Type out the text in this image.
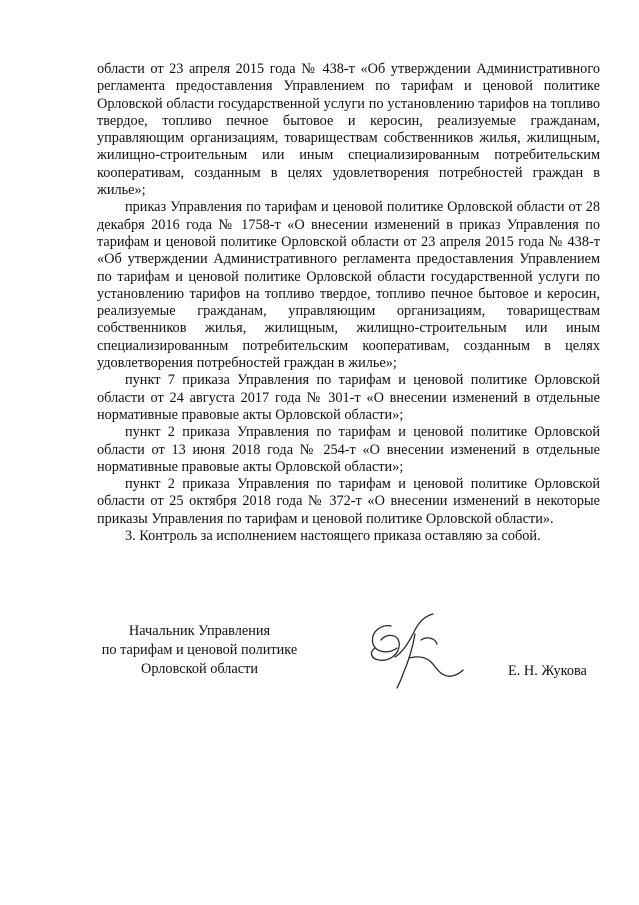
области от 23 апреля 2015 года № 438-т «Об утверждении Административного регламента предоставления Управлением по тарифам и ценовой политике Орловской области государственной услуги по установлению тарифов на топливо твердое, топливо печное бытовое и керосин, реализуемые гражданам, управляющим организациям, товариществам собственников жилья, жилищным, жилищно-строительным или иным специализированным потребительским кооперативам, созданным в целях удовлетворения потребностей граждан в жилье»;

приказ Управления по тарифам и ценовой политике Орловской области от 28 декабря 2016 года № 1758-т «О внесении изменений в приказ Управления по тарифам и ценовой политике Орловской области от 23 апреля 2015 года № 438-т «Об утверждении Административного регламента предоставления Управлением по тарифам и ценовой политике Орловской области государственной услуги по установлению тарифов на топливо твердое, топливо печное бытовое и керосин, реализуемые гражданам, управляющим организациям, товариществам собственников жилья, жилищным, жилищно-строительным или иным специализированным потребительским кооперативам, созданным в целях удовлетворения потребностей граждан в жилье»;

пункт 7 приказа Управления по тарифам и ценовой политике Орловской области от 24 августа 2017 года № 301-т «О внесении изменений в отдельные нормативные правовые акты Орловской области»;

пункт 2 приказа Управления по тарифам и ценовой политике Орловской области от 13 июня 2018 года № 254-т «О внесении изменений в отдельные нормативные правовые акты Орловской области»;

пункт 2 приказа Управления по тарифам и ценовой политике Орловской области от 25 октября 2018 года № 372-т «О внесении изменений в некоторые приказы Управления по тарифам и ценовой политике Орловской области».

3. Контроль за исполнением настоящего приказа оставляю за собой.

Начальник Управления
по тарифам и ценовой политике
Орловской области	Е. Н. Жукова
